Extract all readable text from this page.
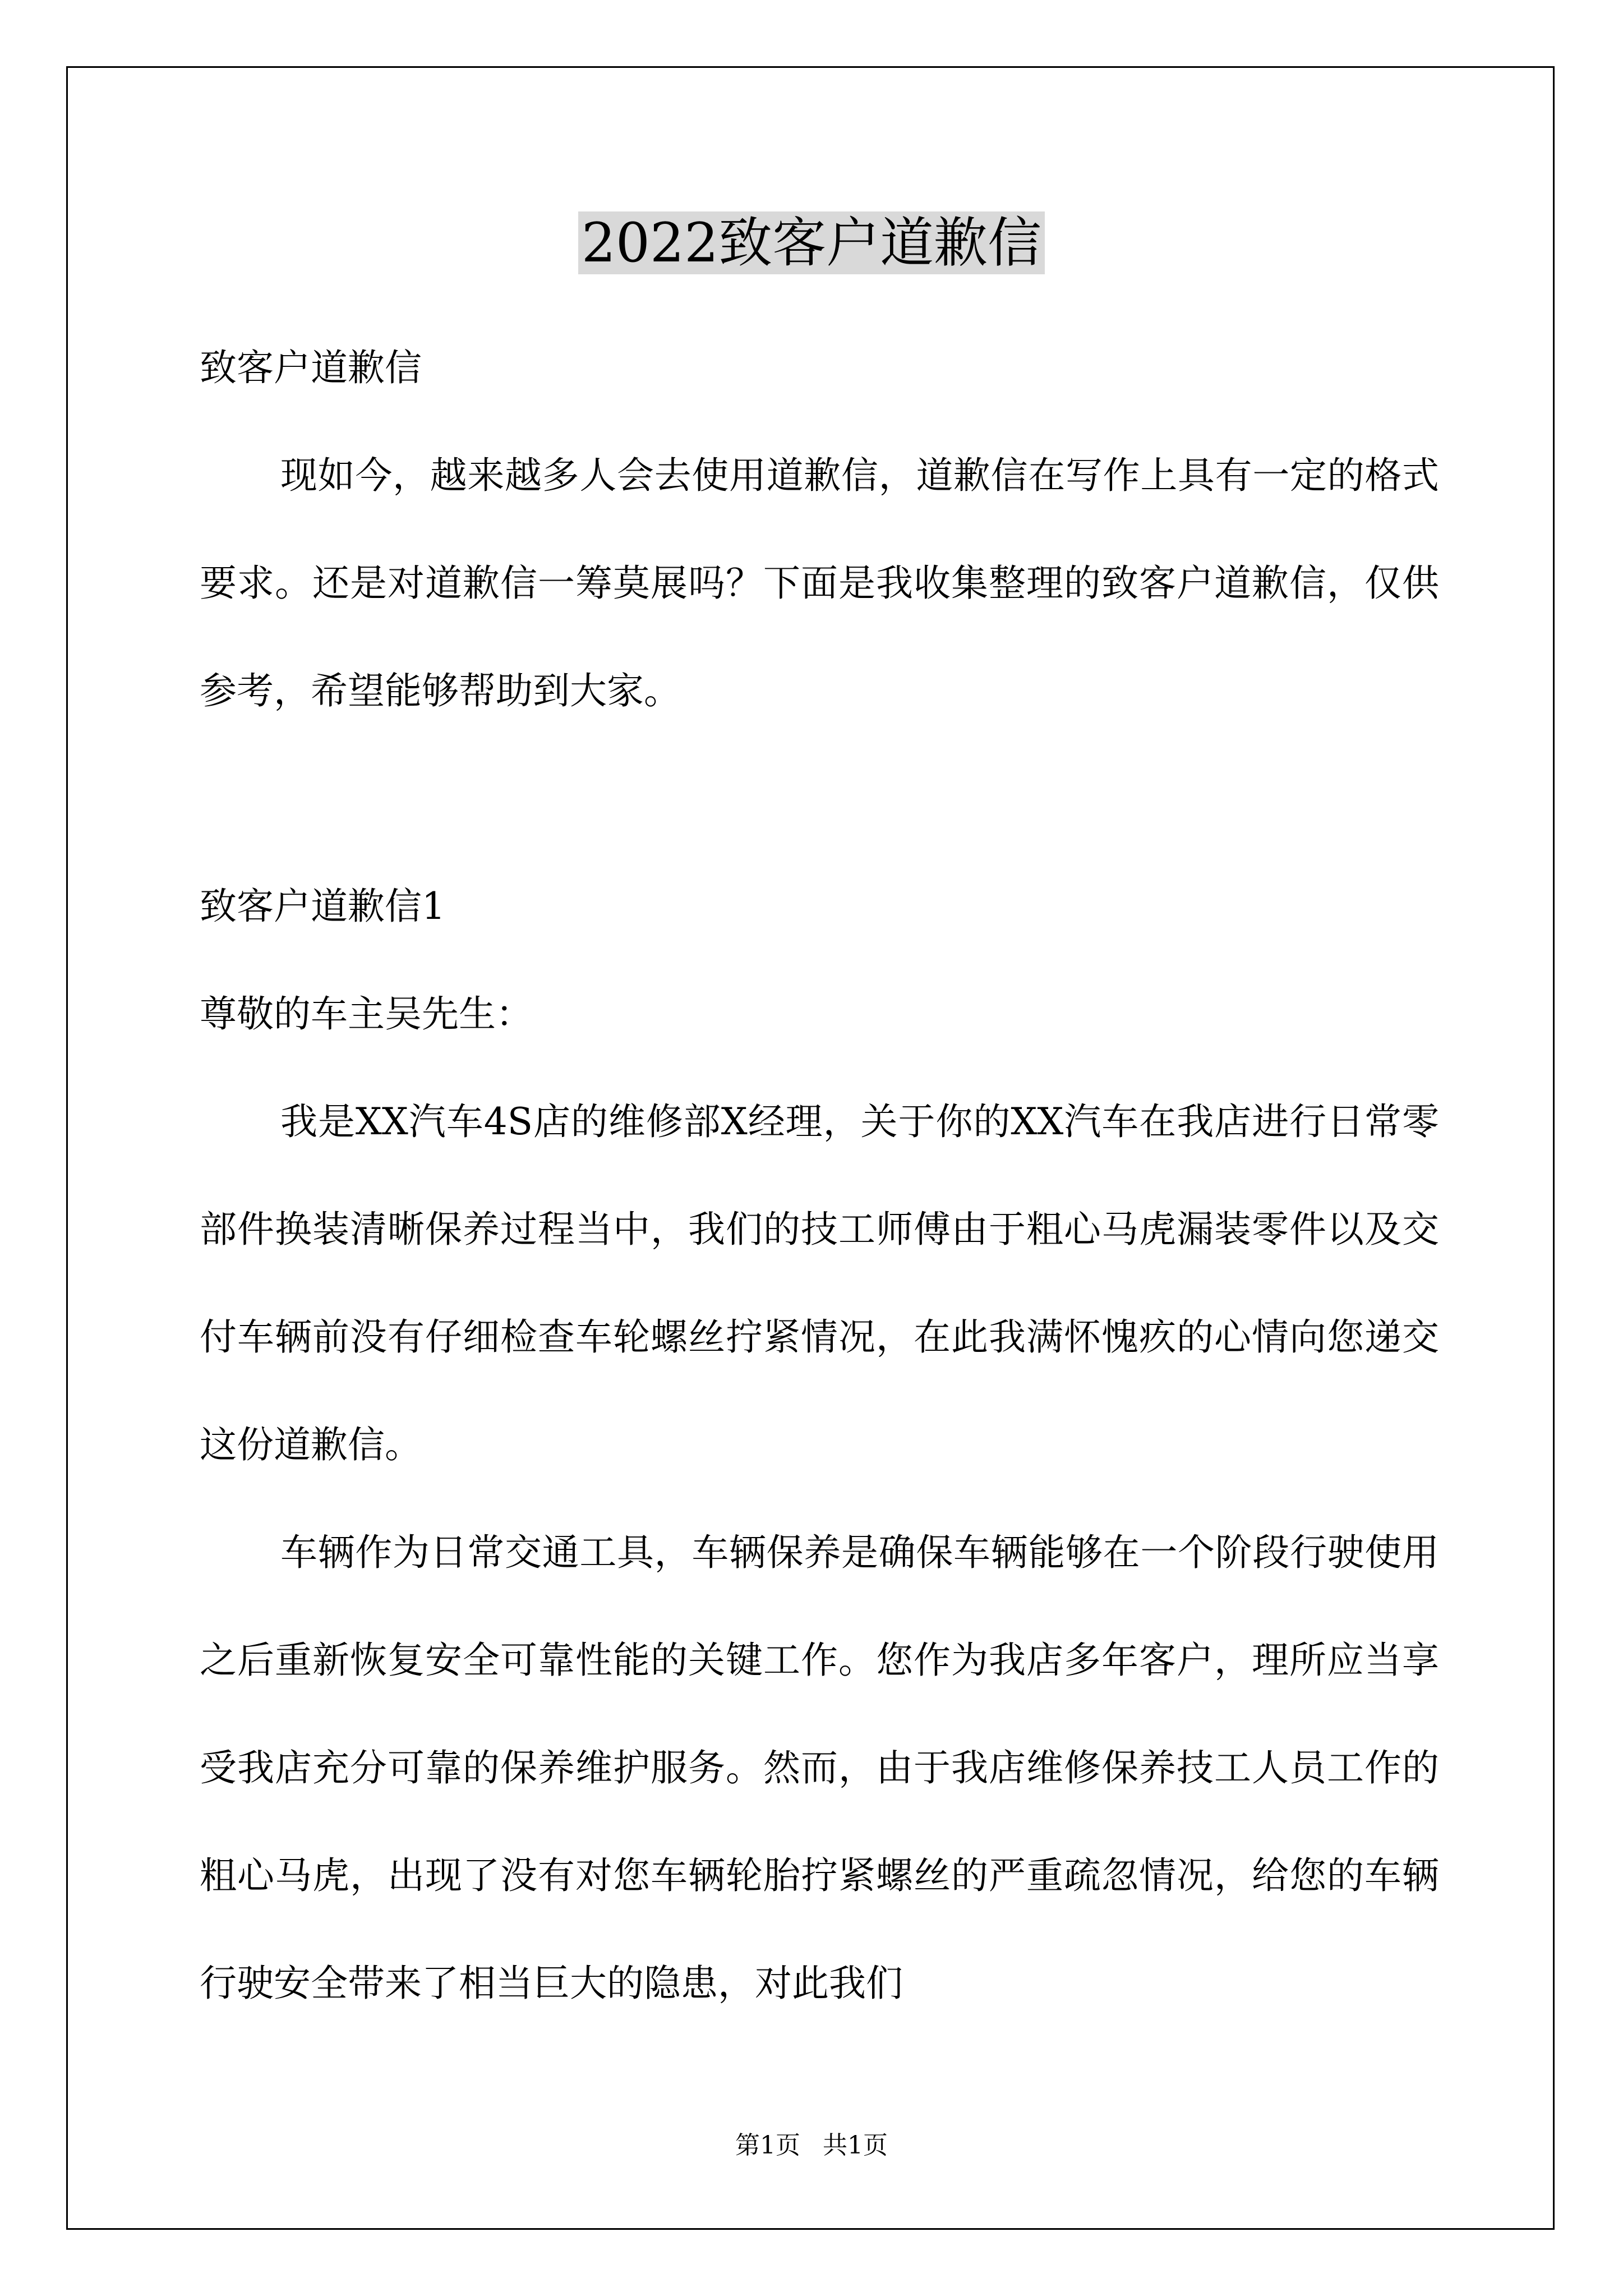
2022致客户道歉信

致客户道歉信

现如今，越来越多人会去使用道歉信，道歉信在写作上具有一定的格式要求。还是对道歉信一筹莫展吗？下面是我收集整理的致客户道歉信，仅供参考，希望能够帮助到大家。

致客户道歉信1

尊敬的车主吴先生：

我是XX汽车4S店的维修部X经理，关于你的XX汽车在我店进行日常零部件换装清晰保养过程当中，我们的技工师傅由于粗心马虎漏装零件以及交付车辆前没有仔细检查车轮螺丝拧紧情况，在此我满怀愧疚的心情向您递交这份道歉信。

车辆作为日常交通工具，车辆保养是确保车辆能够在一个阶段行驶使用之后重新恢复安全可靠性能的关键工作。您作为我店多年客户，理所应当享受我店充分可靠的保养维护服务。然而，由于我店维修保养技工人员工作的粗心马虎，出现了没有对您车辆轮胎拧紧螺丝的严重疏忽情况，给您的车辆行驶安全带来了相当巨大的隐患，对此我们

第1页 共1页
